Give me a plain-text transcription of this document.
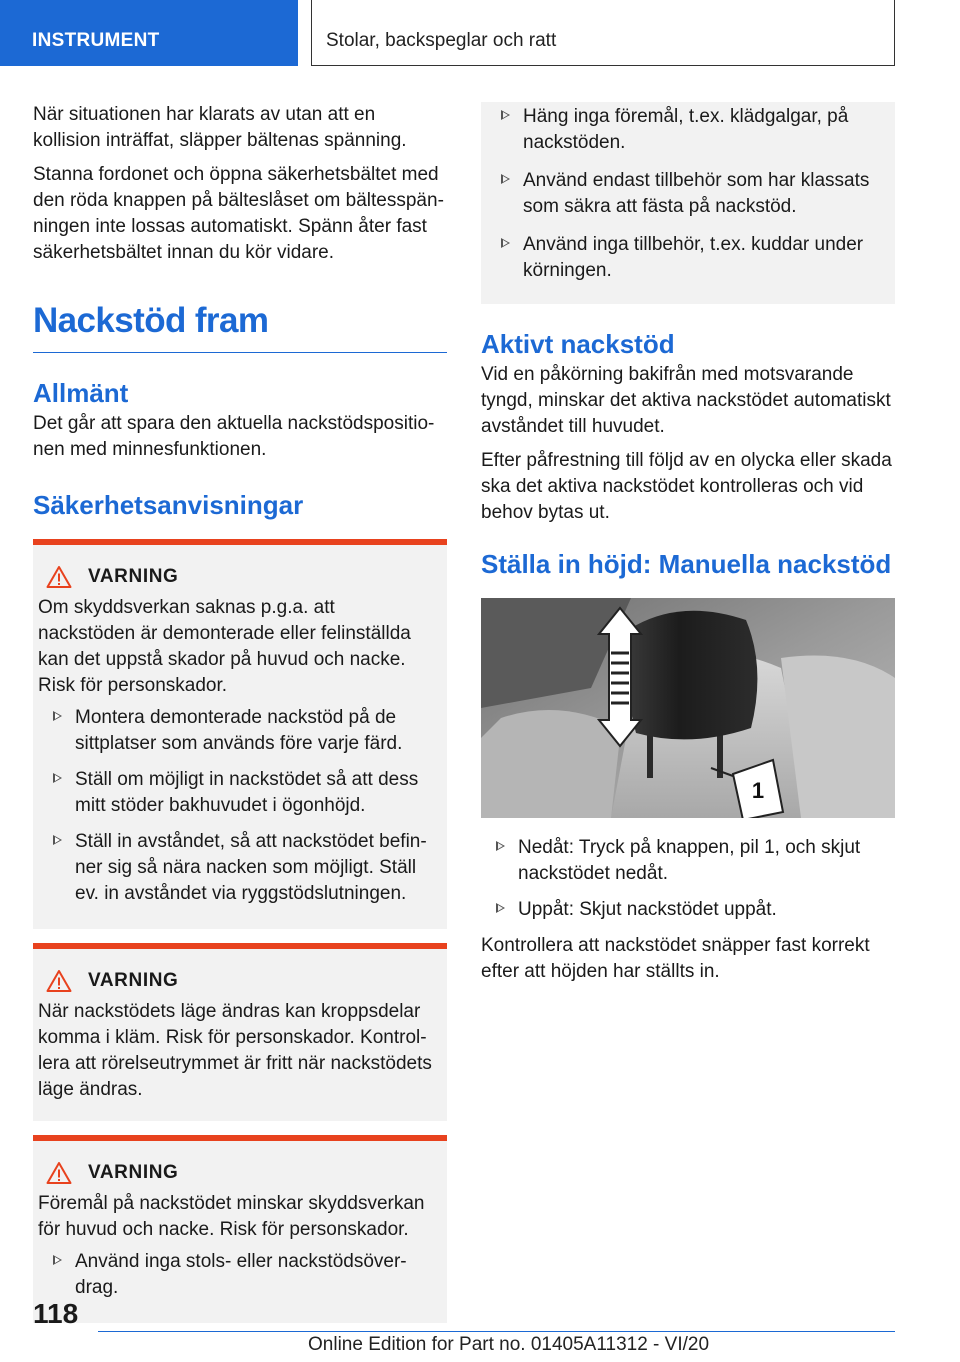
INSTRUMENT	Stolar, backspeglar och ratt

När situationen har klarats av utan att en kollision inträffat, släpper bältenas spänning.

Stanna fordonet och öppna säkerhetsbältet med den röda knappen på bälteslåset om bältesspänningen inte lossas automatiskt. Spänn åter fast säkerhetsbältet innan du kör vidare.

Nackstöd fram
Allmänt

Det går att spara den aktuella nackstödspositionen med minnesfunktionen.

Säkerhetsanvisningar
VARNING

Om skyddsverkan saknas p.g.a. att nackstöden är demonterade eller felinställda kan det uppstå skador på huvud och nacke. Risk för personskador.

Montera demonterade nackstöd på de sittplatser som används före varje färd.
Ställ om möjligt in nackstödet så att dess mitt stöder bakhuvudet i ögonhöjd.
Ställ in avståndet, så att nackstödet befinner sig så nära nacken som möjligt. Ställ ev. in avståndet via ryggstödslutningen.
VARNING

När nackstödets läge ändras kan kroppsdelar komma i kläm. Risk för personskador. Kontrollera att rörelseutrymmet är fritt när nackstödets läge ändras.

VARNING

Föremål på nackstödet minskar skyddsverkan för huvud och nacke. Risk för personskador.

Använd inga stols- eller nackstödsöverdrag.
Häng inga föremål, t.ex. klädgalgar, på nackstöden.
Använd endast tillbehör som har klassats som säkra att fästa på nackstöd.
Använd inga tillbehör, t.ex. kuddar under körningen.
Aktivt nackstöd

Vid en påkörning bakifrån med motsvarande tyngd, minskar det aktiva nackstödet automatiskt avståndet till huvudet.

Efter påfrestning till följd av en olycka eller skada ska det aktiva nackstödet kontrolleras och vid behov bytas ut.

Ställa in höjd: Manuella nackstöd
1
Nedåt: Tryck på knappen, pil 1, och skjut nackstödet nedåt.
Uppåt: Skjut nackstödet uppåt.

Kontrollera att nackstödet snäpper fast korrekt efter att höjden har ställts in.

118
Online Edition for Part no. 01405A11312 - VI/20
